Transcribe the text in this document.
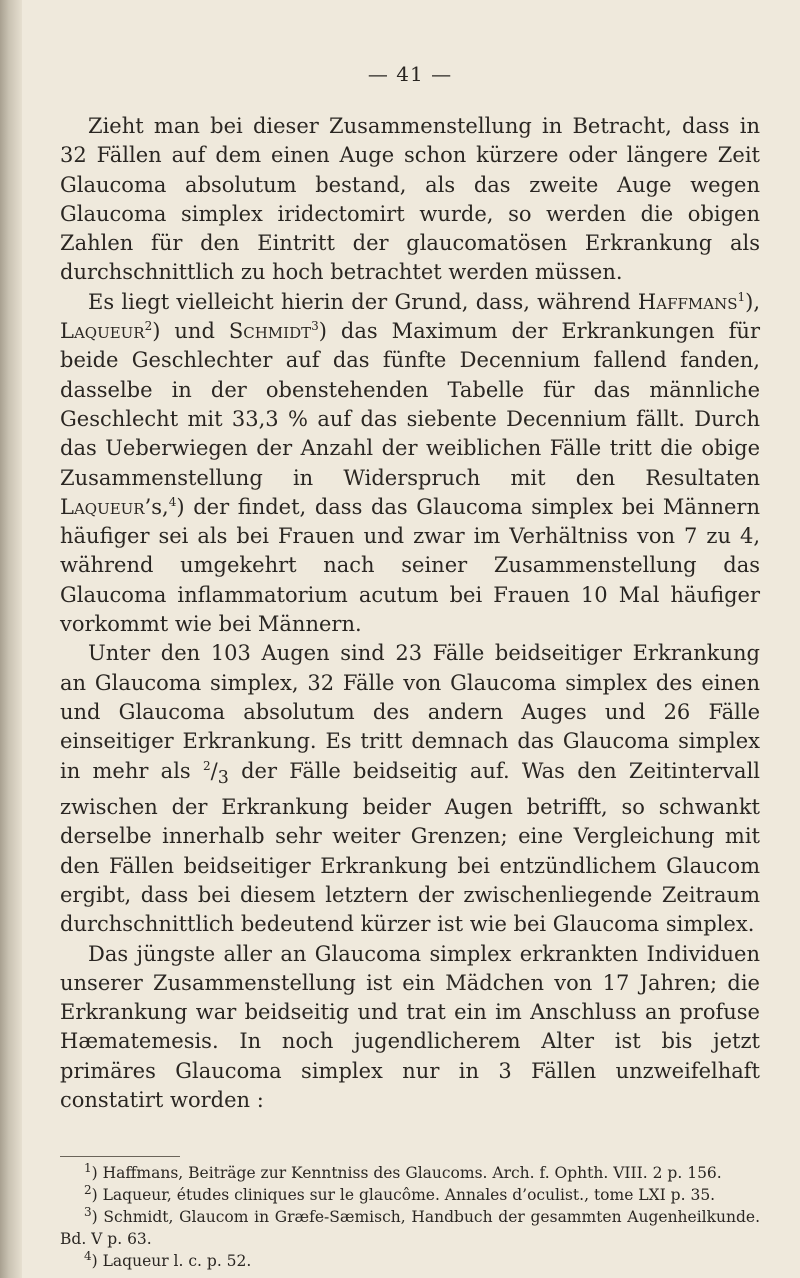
— 41 —

Zieht man bei dieser Zusammenstellung in Betracht, dass in 32 Fällen auf dem einen Auge schon kürzere oder längere Zeit Glaucoma absolutum bestand, als das zweite Auge wegen Glaucoma simplex iridectomirt wurde, so werden die obigen Zahlen für den Eintritt der glaucomatösen Erkrankung als durchschnittlich zu hoch betrachtet werden müssen.

Es liegt vielleicht hierin der Grund, dass, während Haffmans$^1$), Laqueur$^2$) und Schmidt$^3$) das Maximum der Erkrankungen für beide Geschlechter auf das fünfte Decennium fallend fanden, dasselbe in der obenstehenden Tabelle für das männliche Geschlecht mit 33,3 % auf das siebente Decennium fällt. Durch das Ueberwiegen der Anzahl der weiblichen Fälle tritt die obige Zusammenstellung in Widerspruch mit den Resultaten Laqueur’s,$^4$) der findet, dass das Glaucoma simplex bei Männern häufiger sei als bei Frauen und zwar im Verhältniss von 7 zu 4, während umgekehrt nach seiner Zusammenstellung das Glaucoma inflammatorium acutum bei Frauen 10 Mal häufiger vorkommt wie bei Männern.

Unter den 103 Augen sind 23 Fälle beidseitiger Erkrankung an Glaucoma simplex, 32 Fälle von Glaucoma simplex des einen und Glaucoma absolutum des andern Auges und 26 Fälle einseitiger Erkrankung. Es tritt demnach das Glaucoma simplex in mehr als $^2/_3$ der Fälle beidseitig auf. Was den Zeitintervall zwischen der Erkrankung beider Augen betrifft, so schwankt derselbe innerhalb sehr weiter Grenzen; eine Vergleichung mit den Fällen beidseitiger Erkrankung bei entzündlichem Glaucom ergibt, dass bei diesem letztern der zwischenliegende Zeitraum durchschnittlich bedeutend kürzer ist wie bei Glaucoma simplex.

Das jüngste aller an Glaucoma simplex erkrankten Individuen unserer Zusammenstellung ist ein Mädchen von 17 Jahren; die Erkrankung war beidseitig und trat ein im Anschluss an profuse Hæmatemesis. In noch jugendlicherem Alter ist bis jetzt primäres Glaucoma simplex nur in 3 Fällen unzweifelhaft constatirt worden :

$^1$) Haffmans, Beiträge zur Kenntniss des Glaucoms. Arch. f. Ophth. VIII. 2 p. 156.

$^2$) Laqueur, études cliniques sur le glaucôme. Annales d’oculist., tome LXI p. 35.

$^3$) Schmidt, Glaucom in Græfe-Sæmisch, Handbuch der gesammten Augenheilkunde. Bd. V p. 63.

$^4$) Laqueur l. c. p. 52.
